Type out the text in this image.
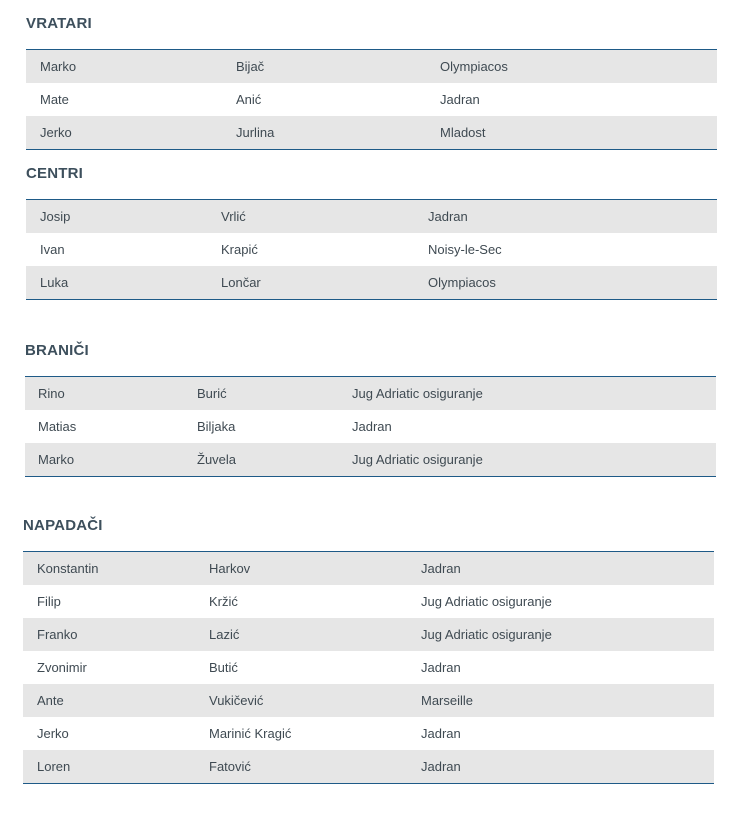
VRATARI
Marko	Bijač	Olympiacos
Mate	Anić	Jadran
Jerko	Jurlina	Mladost
CENTRI
Josip	Vrlić	Jadran
Ivan	Krapić	Noisy-le-Sec
Luka	Lončar	Olympiacos
BRANIČI
Rino	Burić	Jug Adriatic osiguranje
Matias	Biljaka	Jadran
Marko	Žuvela	Jug Adriatic osiguranje
NAPADAČI
Konstantin	Harkov	Jadran
Filip	Kržić	Jug Adriatic osiguranje
Franko	Lazić	Jug Adriatic osiguranje
Zvonimir	Butić	Jadran
Ante	Vukičević	Marseille
Jerko	Marinić Kragić	Jadran
Loren	Fatović	Jadran
